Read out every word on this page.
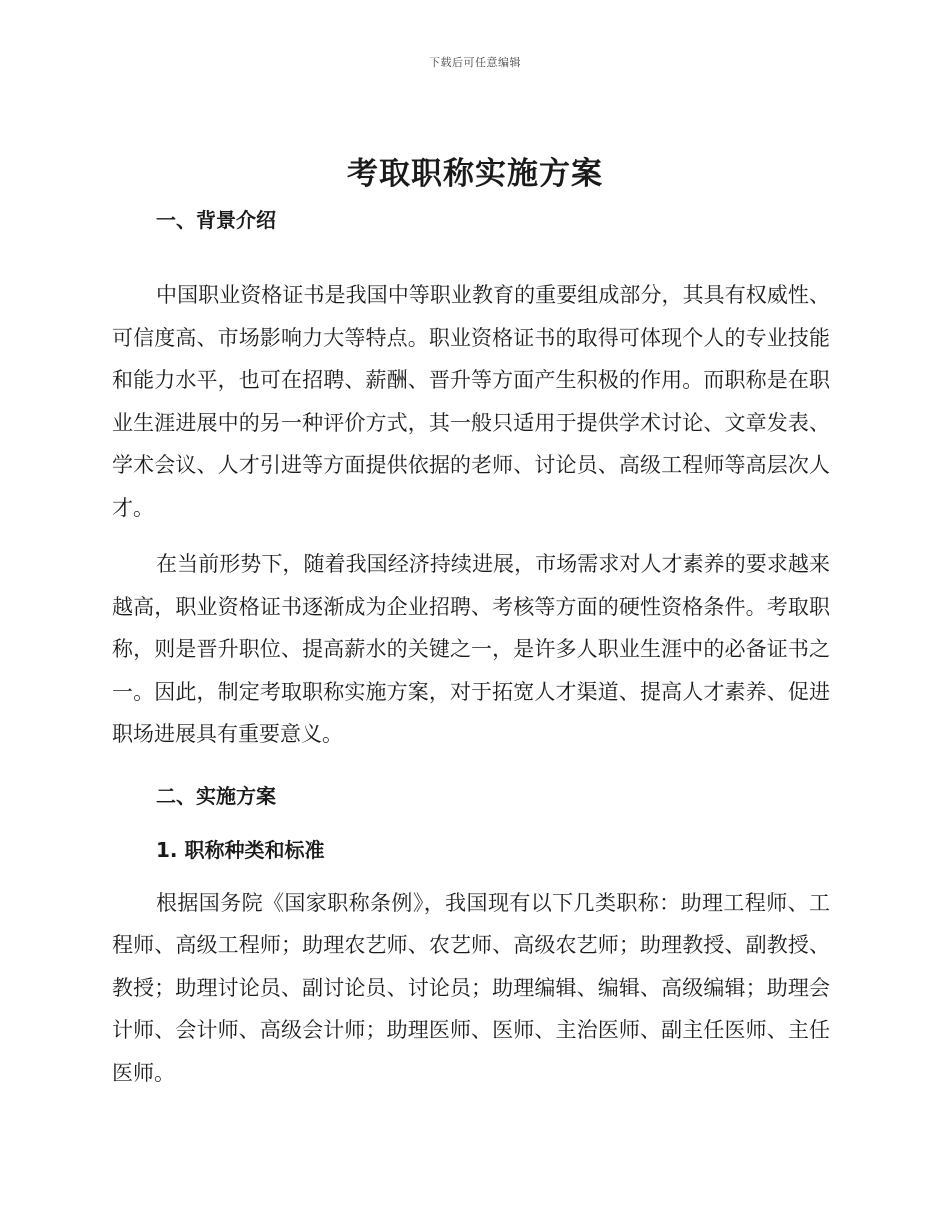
下载后可任意编辑
考取职称实施方案
一、背景介绍

中国职业资格证书是我国中等职业教育的重要组成部分，其具有权威性、可信度高、市场影响力大等特点。职业资格证书的取得可体现个人的专业技能和能力水平，也可在招聘、薪酬、晋升等方面产生积极的作用。而职称是在职业生涯进展中的另一种评价方式，其一般只适用于提供学术讨论、文章发表、学术会议、人才引进等方面提供依据的老师、讨论员、高级工程师等高层次人才。

在当前形势下，随着我国经济持续进展，市场需求对人才素养的要求越来越高，职业资格证书逐渐成为企业招聘、考核等方面的硬性资格条件。考取职称，则是晋升职位、提高薪水的关键之一，是许多人职业生涯中的必备证书之一。因此，制定考取职称实施方案，对于拓宽人才渠道、提高人才素养、促进职场进展具有重要意义。

二、实施方案
1. 职称种类和标准

根据国务院《国家职称条例》，我国现有以下几类职称：助理工程师、工程师、高级工程师；助理农艺师、农艺师、高级农艺师；助理教授、副教授、教授；助理讨论员、副讨论员、讨论员；助理编辑、编辑、高级编辑；助理会计师、会计师、高级会计师；助理医师、医师、主治医师、副主任医师、主任医师。
